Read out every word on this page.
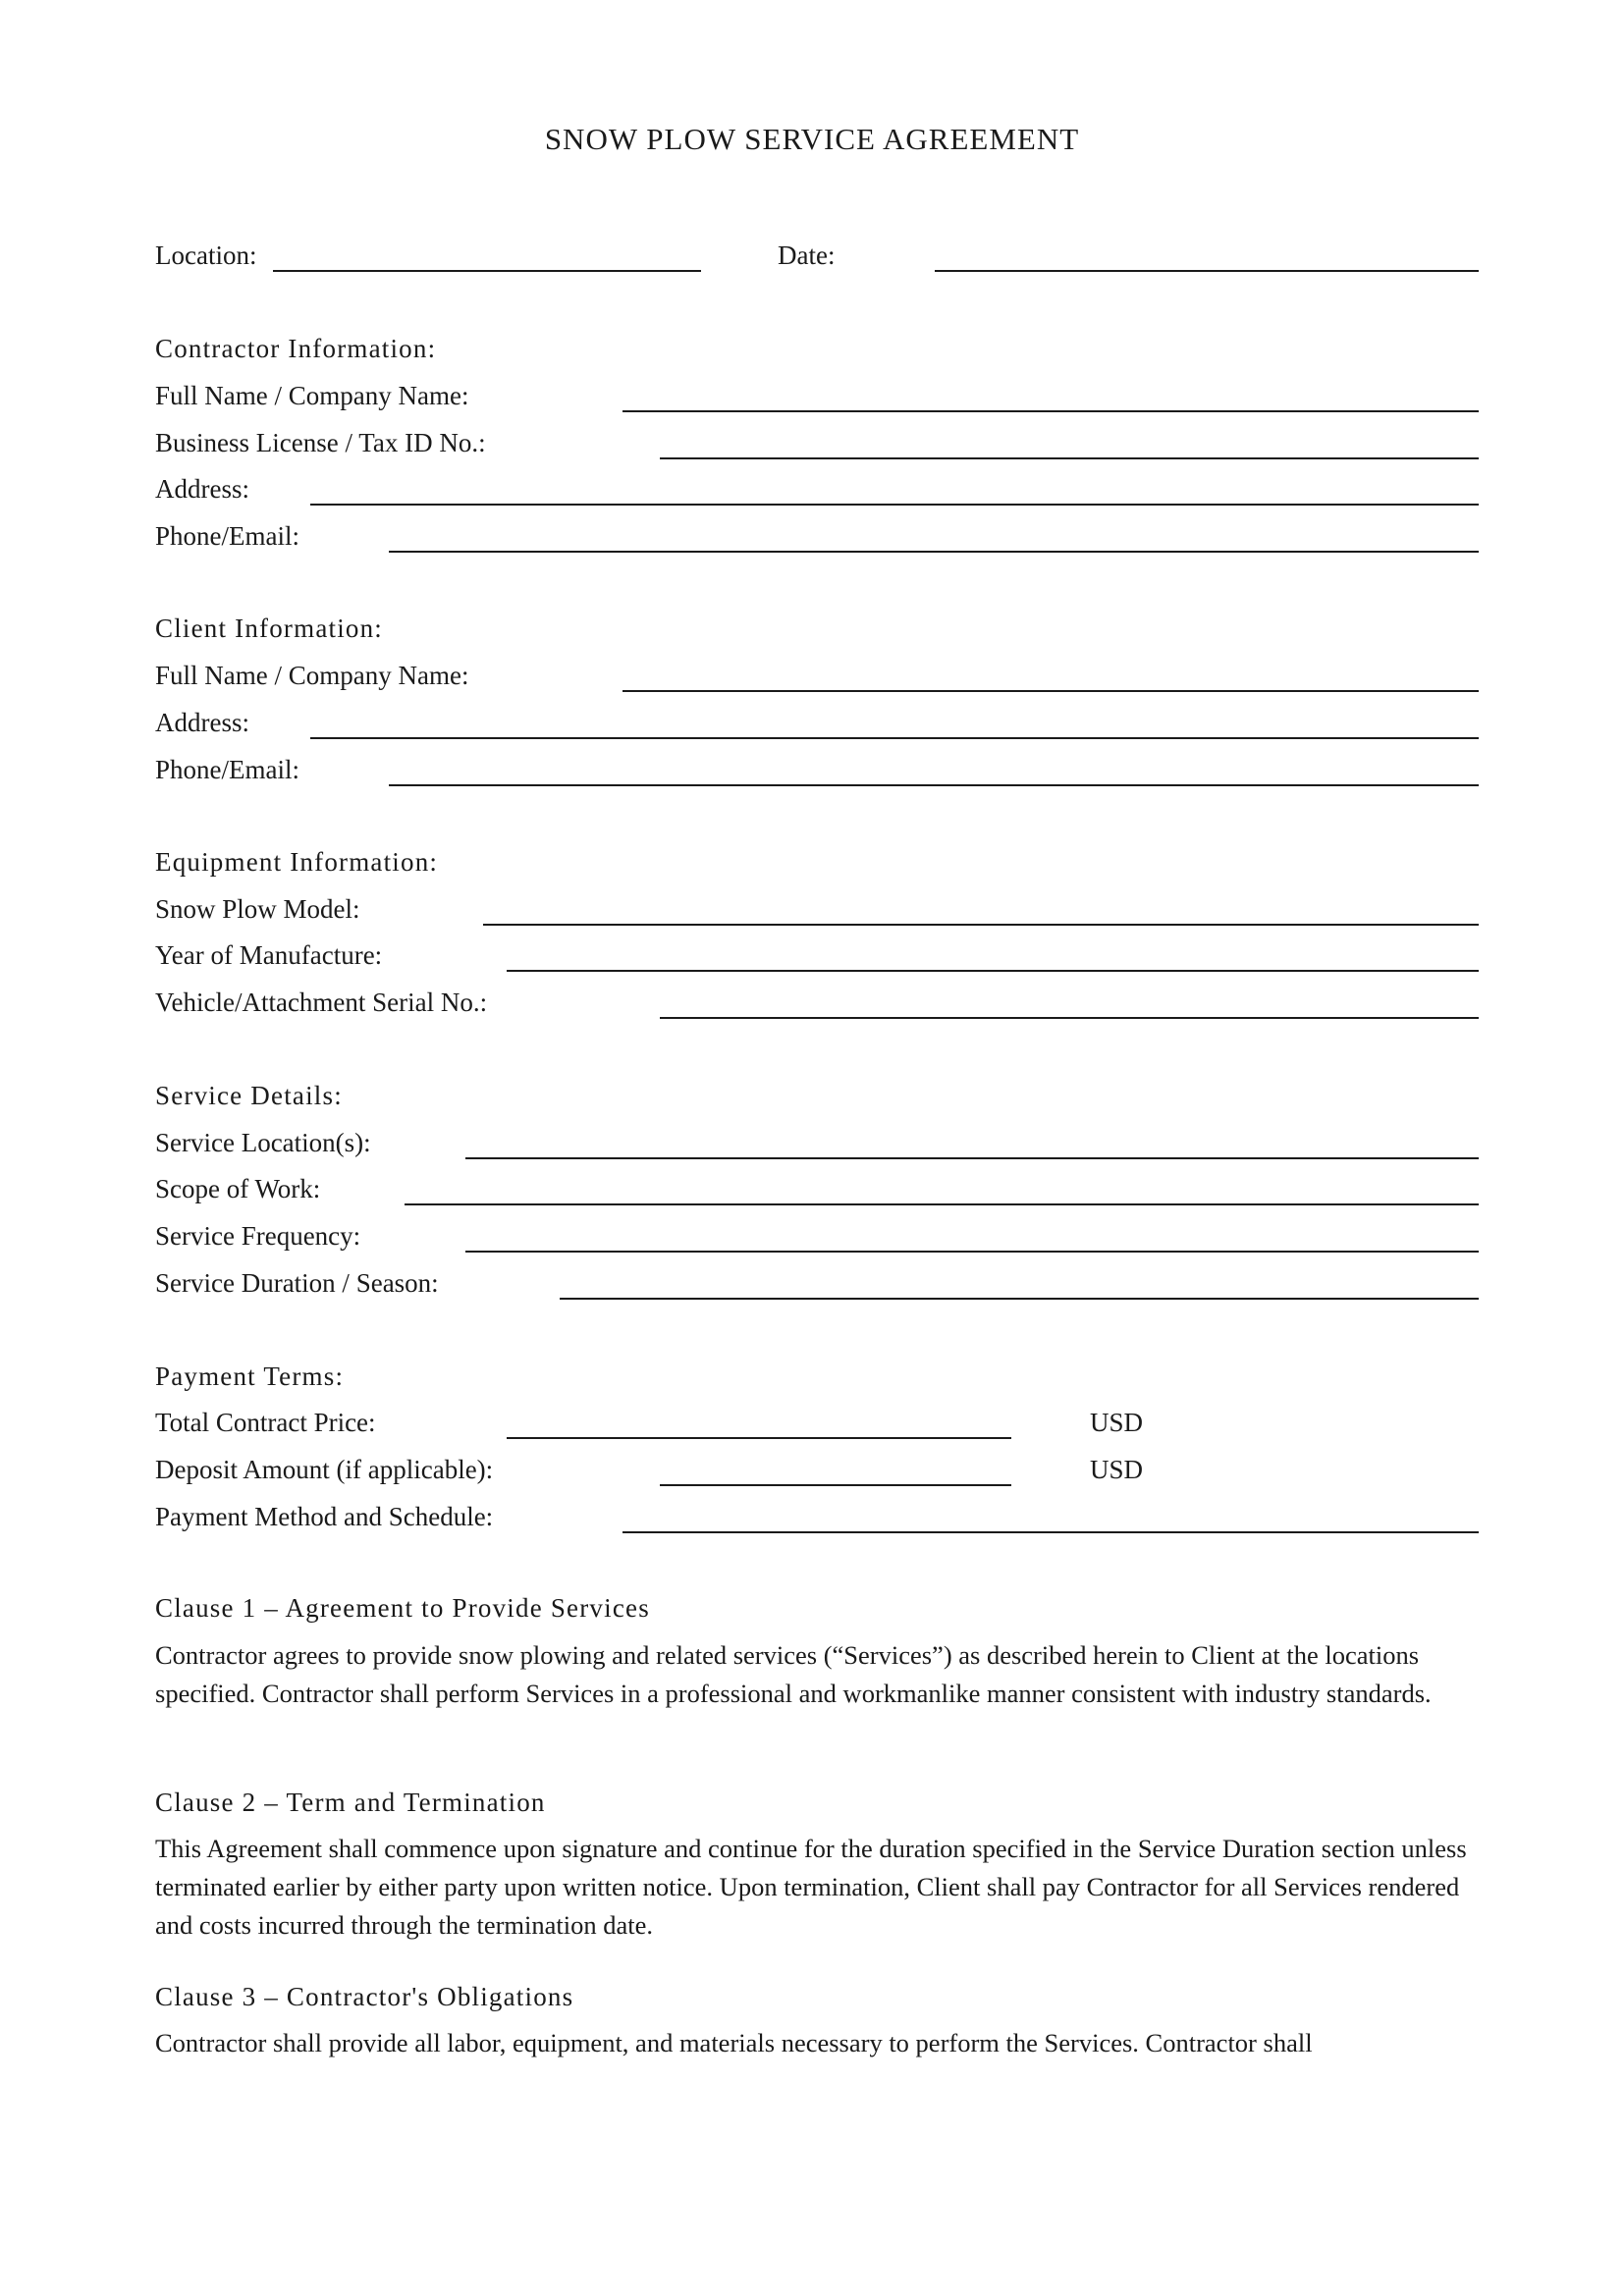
SNOW PLOW SERVICE AGREEMENT
Location:	Date:
Contractor Information:
Full Name / Company Name:
Business License / Tax ID No.:
Address:
Phone/Email:
Client Information:
Full Name / Company Name:
Address:
Phone/Email:
Equipment Information:
Snow Plow Model:
Year of Manufacture:
Vehicle/Attachment Serial No.:
Service Details:
Service Location(s):
Scope of Work:
Service Frequency:
Service Duration / Season:
Payment Terms:
Total Contract Price:	USD
Deposit Amount (if applicable):	USD
Payment Method and Schedule:
Clause 1 – Agreement to Provide Services
Contractor agrees to provide snow plowing and related services (“Services”) as described herein to Client at the locations specified. Contractor shall perform Services in a professional and workmanlike manner consistent with industry standards.
Clause 2 – Term and Termination
This Agreement shall commence upon signature and continue for the duration specified in the Service Duration section unless terminated earlier by either party upon written notice. Upon termination, Client shall pay Contractor for all Services rendered and costs incurred through the termination date.
Clause 3 – Contractor's Obligations
Contractor shall provide all labor, equipment, and materials necessary to perform the Services. Contractor shall
